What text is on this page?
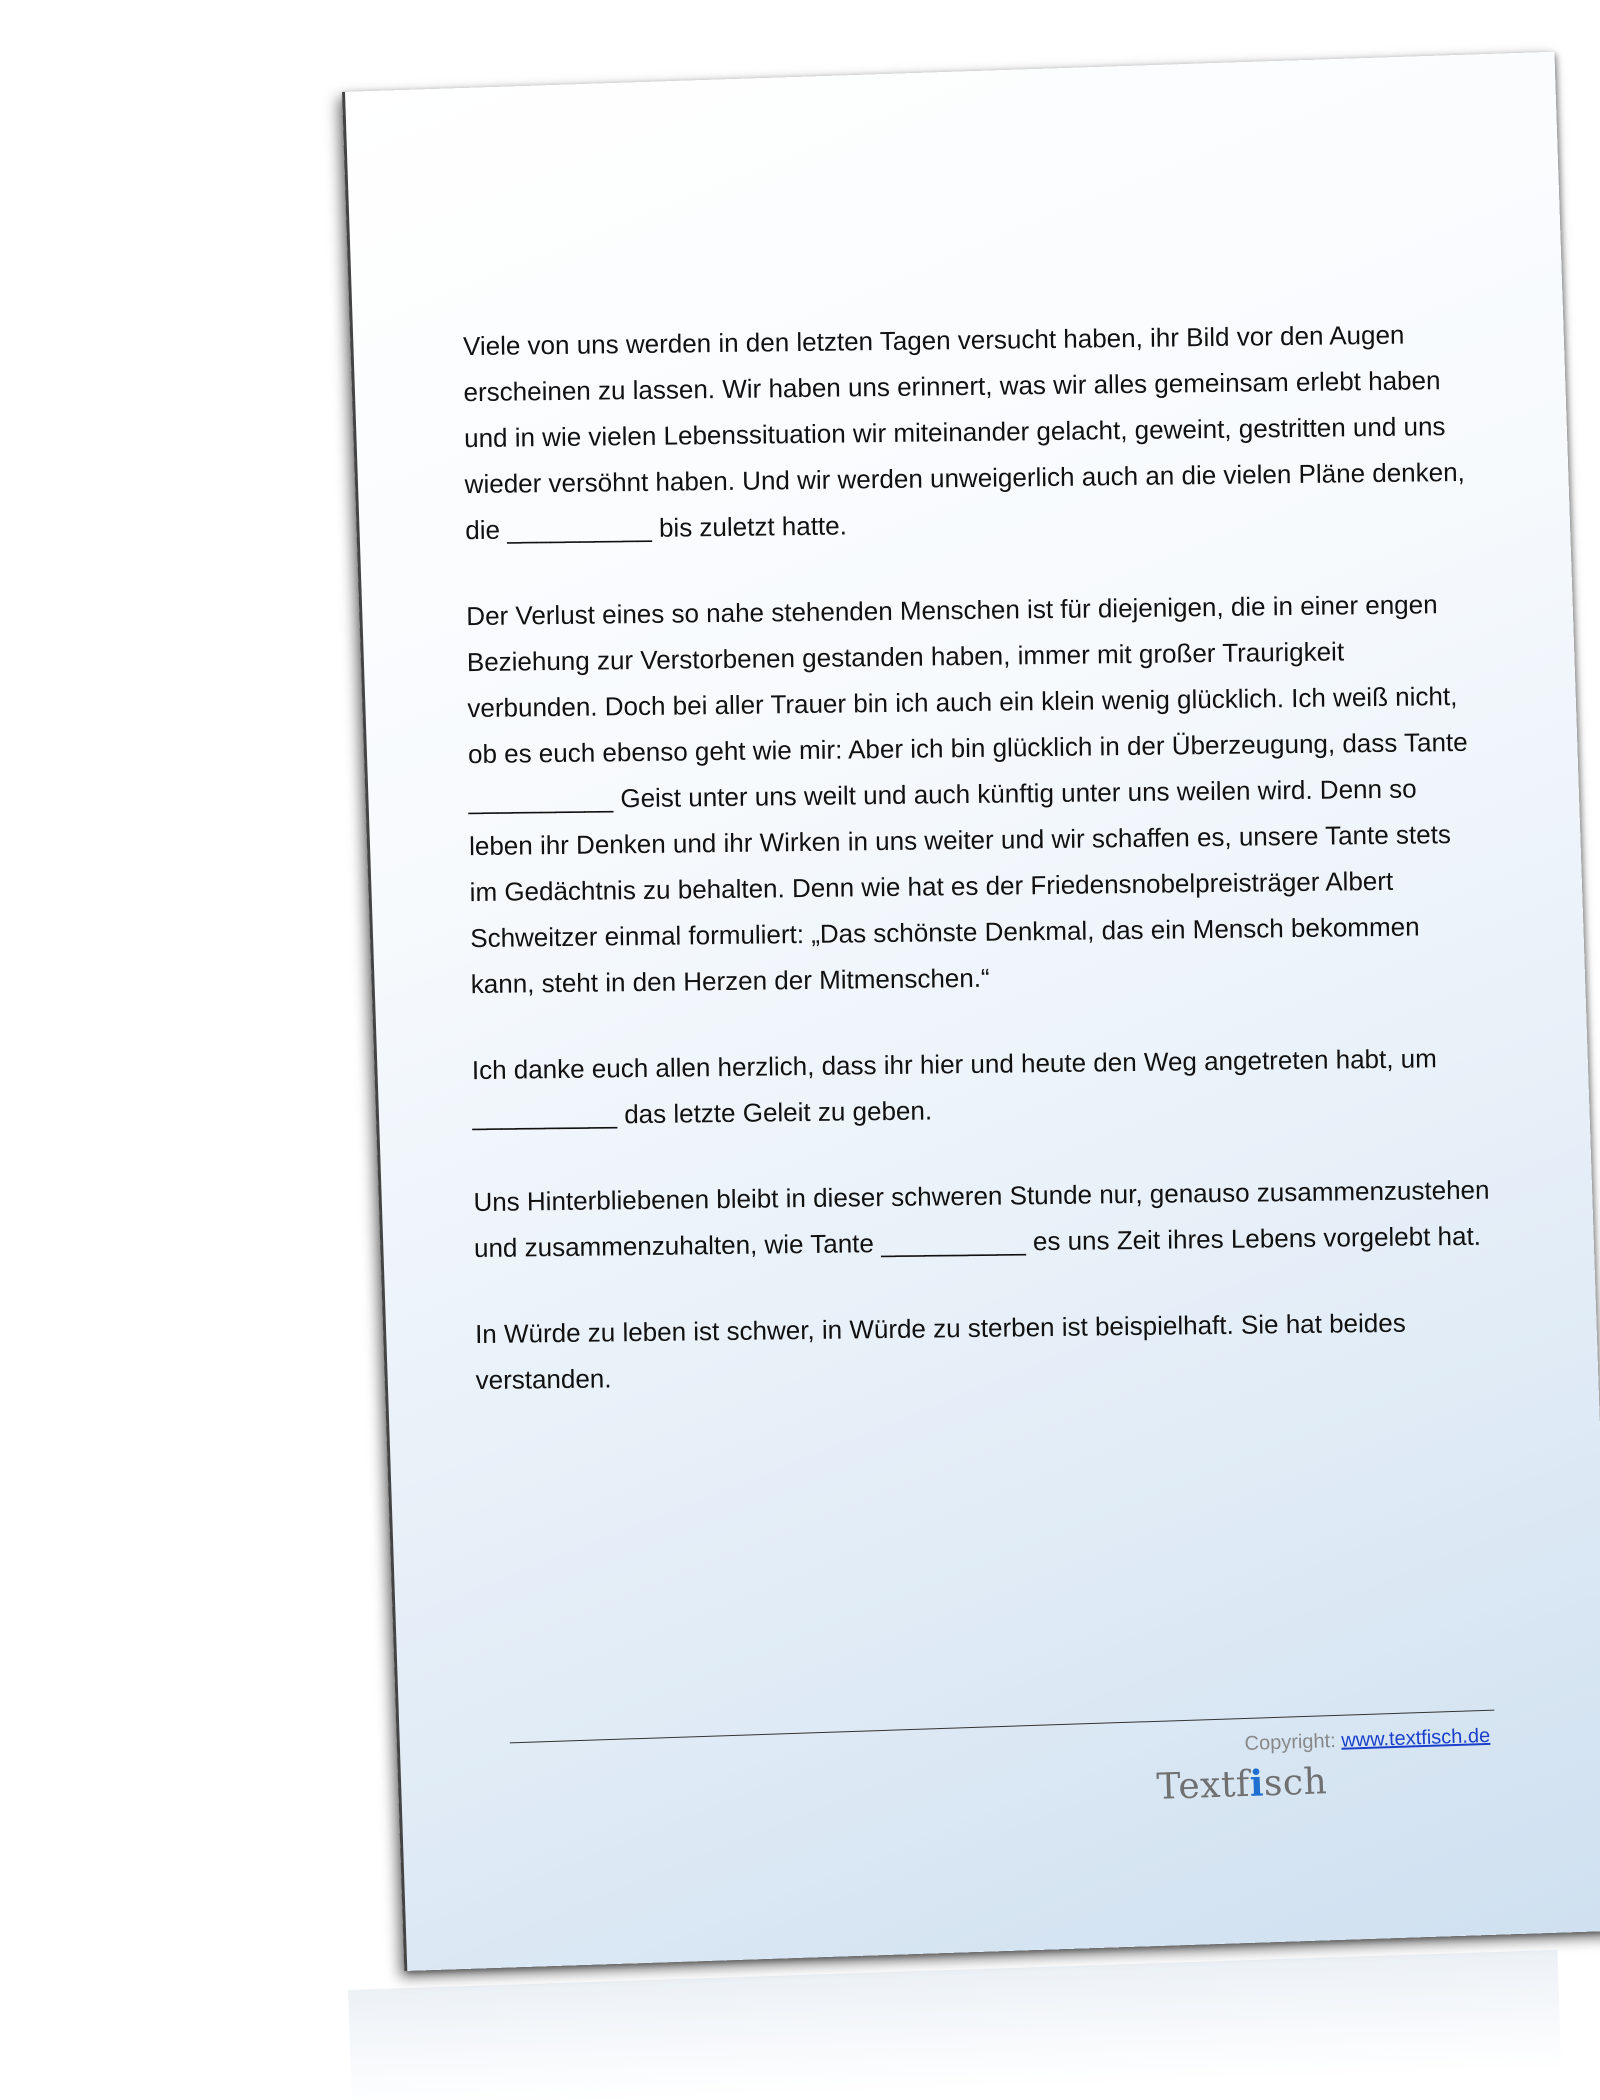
Viele von uns werden in den letzten Tagen versucht haben, ihr Bild vor den Augen
erscheinen zu lassen. Wir haben uns erinnert, was wir alles gemeinsam erlebt haben
und in wie vielen Lebenssituation wir miteinander gelacht, geweint, gestritten und uns
wieder versöhnt haben. Und wir werden unweigerlich auch an die vielen Pläne denken,
die __________ bis zuletzt hatte.

Der Verlust eines so nahe stehenden Menschen ist für diejenigen, die in einer engen
Beziehung zur Verstorbenen gestanden haben, immer mit großer Traurigkeit
verbunden. Doch bei aller Trauer bin ich auch ein klein wenig glücklich. Ich weiß nicht,
ob es euch ebenso geht wie mir: Aber ich bin glücklich in der Überzeugung, dass Tante
__________ Geist unter uns weilt und auch künftig unter uns weilen wird. Denn so
leben ihr Denken und ihr Wirken in uns weiter und wir schaffen es, unsere Tante stets
im Gedächtnis zu behalten. Denn wie hat es der Friedensnobelpreisträger Albert
Schweitzer einmal formuliert: „Das schönste Denkmal, das ein Mensch bekommen
kann, steht in den Herzen der Mitmenschen.“

Ich danke euch allen herzlich, dass ihr hier und heute den Weg angetreten habt, um
__________ das letzte Geleit zu geben.

Uns Hinterbliebenen bleibt in dieser schweren Stunde nur, genauso zusammenzustehen
und zusammenzuhalten, wie Tante __________ es uns Zeit ihres Lebens vorgelebt hat.

In Würde zu leben ist schwer, in Würde zu sterben ist beispielhaft. Sie hat beides
verstanden.

Copyright: www.textfisch.de
Textfisch
